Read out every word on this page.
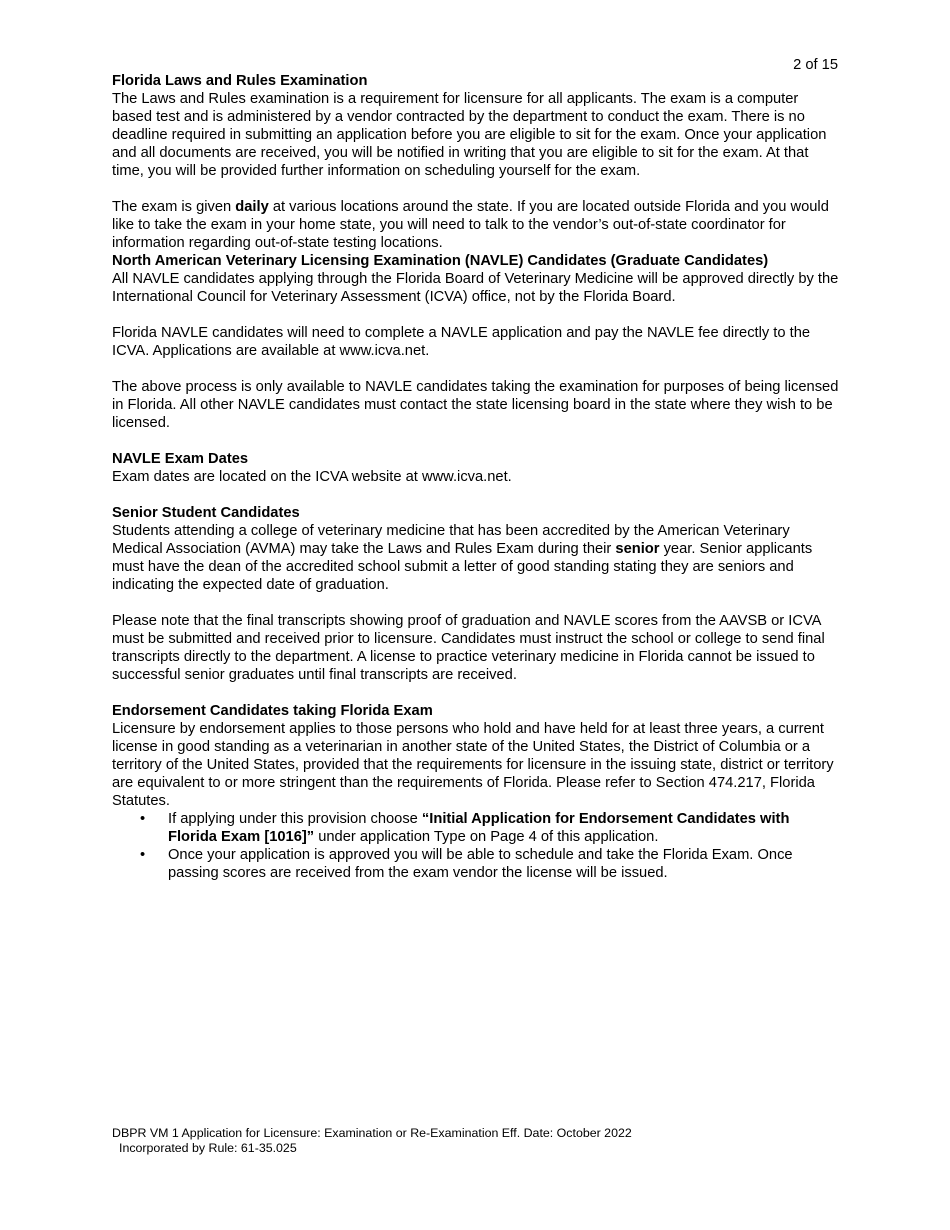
2 of 15

Florida Laws and Rules Examination

The Laws and Rules examination is a requirement for licensure for all applicants. The exam is a computer based test and is administered by a vendor contracted by the department to conduct the exam. There is no deadline required in submitting an application before you are eligible to sit for the exam. Once your application and all documents are received, you will be notified in writing that you are eligible to sit for the exam. At that time, you will be provided further information on scheduling yourself for the exam.

The exam is given daily at various locations around the state. If you are located outside Florida and you would like to take the exam in your home state, you will need to talk to the vendor’s out-of-state coordinator for information regarding out-of-state testing locations.

North American Veterinary Licensing Examination (NAVLE) Candidates (Graduate Candidates)

All NAVLE candidates applying through the Florida Board of Veterinary Medicine will be approved directly by the International Council for Veterinary Assessment (ICVA) office, not by the Florida Board.

Florida NAVLE candidates will need to complete a NAVLE application and pay the NAVLE fee directly to the ICVA. Applications are available at www.icva.net.

The above process is only available to NAVLE candidates taking the examination for purposes of being licensed in Florida. All other NAVLE candidates must contact the state licensing board in the state where they wish to be licensed.

NAVLE Exam Dates

Exam dates are located on the ICVA website at www.icva.net.

Senior Student Candidates

Students attending a college of veterinary medicine that has been accredited by the American Veterinary Medical Association (AVMA) may take the Laws and Rules Exam during their senior year. Senior applicants must have the dean of the accredited school submit a letter of good standing stating they are seniors and indicating the expected date of graduation.

Please note that the final transcripts showing proof of graduation and NAVLE scores from the AAVSB or ICVA must be submitted and received prior to licensure. Candidates must instruct the school or college to send final transcripts directly to the department. A license to practice veterinary medicine in Florida cannot be issued to successful senior graduates until final transcripts are received.

Endorsement Candidates taking Florida Exam

Licensure by endorsement applies to those persons who hold and have held for at least three years, a current license in good standing as a veterinarian in another state of the United States, the District of Columbia or a territory of the United States, provided that the requirements for licensure in the issuing state, district or territory are equivalent to or more stringent than the requirements of Florida. Please refer to Section 474.217, Florida Statutes.

• If applying under this provision choose “Initial Application for Endorsement Candidates with Florida Exam [1016]” under application Type on Page 4 of this application.
• Once your application is approved you will be able to schedule and take the Florida Exam. Once passing scores are received from the exam vendor the license will be issued.
DBPR VM 1 Application for Licensure: Examination or Re-Examination Eff. Date: October 2022
Incorporated by Rule: 61-35.025
